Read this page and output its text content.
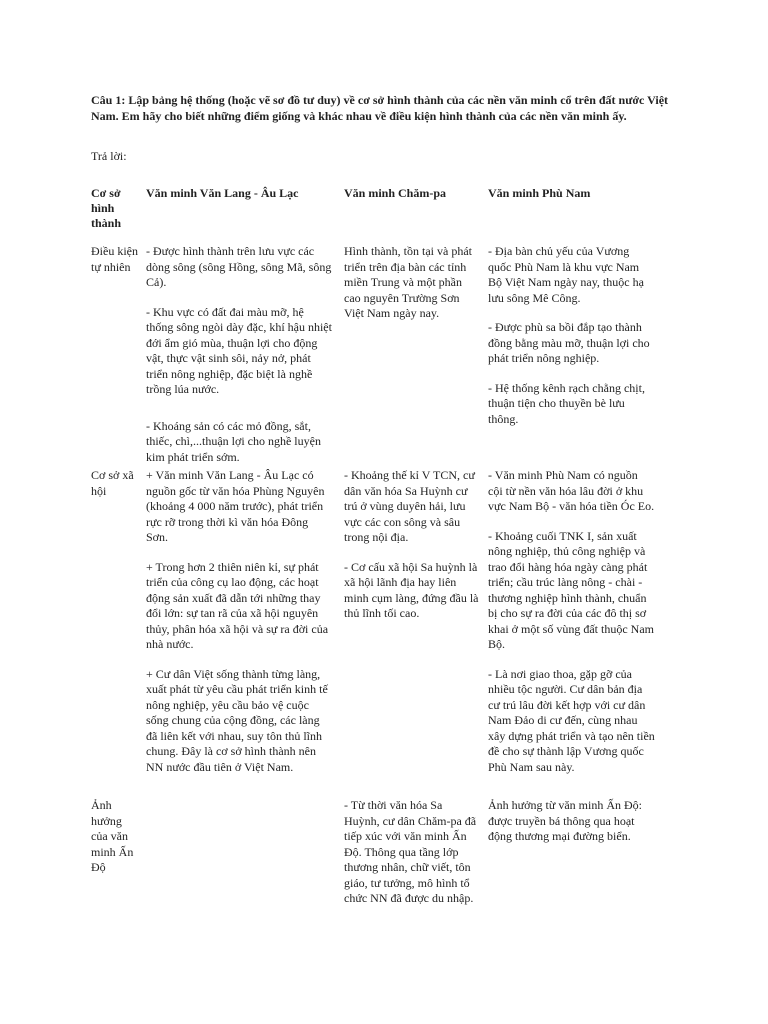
Câu 1: Lập bảng hệ thống (hoặc vẽ sơ đồ tư duy) về cơ sở hình thành của các nền văn minh cổ trên đất nước Việt Nam. Em hãy cho biết những điểm giống và khác nhau về điều kiện hình thành của các nền văn minh ấy.
Trả lời:
Cơ sở hình thành
Văn minh Văn Lang - Âu Lạc	Văn minh Chăm-pa	Văn minh Phù Nam
Điều kiện tự nhiên

- Được hình thành trên lưu vực các dòng sông (sông Hồng, sông Mã, sông Cả).

- Khu vực có đất đai màu mỡ, hệ thống sông ngòi dày đặc, khí hậu nhiệt đới ẩm gió mùa, thuận lợi cho động vật, thực vật sinh sôi, nảy nở, phát triển nông nghiệp, đặc biệt là nghề trồng lúa nước.

- Khoáng sản có các mỏ đồng, sắt, thiếc, chì,...thuận lợi cho nghề luyện kim phát triển sớm.

Hình thành, tồn tại và phát triển trên địa bàn các tỉnh miền Trung và một phần cao nguyên Trường Sơn Việt Nam ngày nay.

- Địa bàn chủ yếu của Vương quốc Phù Nam là khu vực Nam Bộ Việt Nam ngày nay, thuộc hạ lưu sông Mê Công.

- Được phù sa bồi đắp tạo thành đồng bằng màu mỡ, thuận lợi cho phát triển nông nghiệp.

- Hệ thống kênh rạch chằng chịt, thuận tiện cho thuyền bè lưu thông.

Cơ sở xã hội

+ Văn minh Văn Lang - Âu Lạc có nguồn gốc từ văn hóa Phùng Nguyên (khoảng 4 000 năm trước), phát triển rực rỡ trong thời kì văn hóa Đông Sơn.

+ Trong hơn 2 thiên niên kỉ, sự phát triển của công cụ lao động, các hoạt động sản xuất đã dẫn tới những thay đổi lớn: sự tan rã của xã hội nguyên thủy, phân hóa xã hội và sự ra đời của nhà nước.

+ Cư dân Việt sống thành từng làng, xuất phát từ yêu cầu phát triển kinh tế nông nghiệp, yêu cầu bảo vệ cuộc sống chung của cộng đồng, các làng đã liên kết với nhau, suy tôn thủ lĩnh chung. Đây là cơ sở hình thành nên NN nước đầu tiên ở Việt Nam.

- Khoảng thế kỉ V TCN, cư dân văn hóa Sa Huỳnh cư trú ở vùng duyên hải, lưu vực các con sông và sâu trong nội địa.

- Cơ cấu xã hội Sa huỳnh là xã hội lãnh địa hay liên minh cụm làng, đứng đầu là thủ lĩnh tối cao.

- Văn minh Phù Nam có nguồn cội từ nền văn hóa lâu đời ở khu vực Nam Bộ - văn hóa tiền Óc Eo.

- Khoảng cuối TNK I, sản xuất nông nghiệp, thủ công nghiệp và trao đổi hàng hóa ngày càng phát triển; cầu trúc làng nông - chài - thương nghiệp hình thành, chuẩn bị cho sự ra đời của các đô thị sơ khai ở một số vùng đất thuộc Nam Bộ.

- Là nơi giao thoa, gặp gỡ của nhiều tộc người. Cư dân bản địa cư trú lâu đời kết hợp với cư dân Nam Đảo di cư đến, cùng nhau xây dựng phát triển và tạo nên tiền đề cho sự thành lập Vương quốc Phù Nam sau này.

Ảnh hưởng của văn minh Ấn Độ

- Từ thời văn hóa Sa Huỳnh, cư dân Chăm-pa đã tiếp xúc với văn minh Ấn Độ. Thông qua tầng lớp thương nhân, chữ viết, tôn giáo, tư tưởng, mô hình tổ chức NN đã được du nhập.

Ảnh hưởng từ văn minh Ấn Độ: được truyền bá thông qua hoạt động thương mại đường biển.
